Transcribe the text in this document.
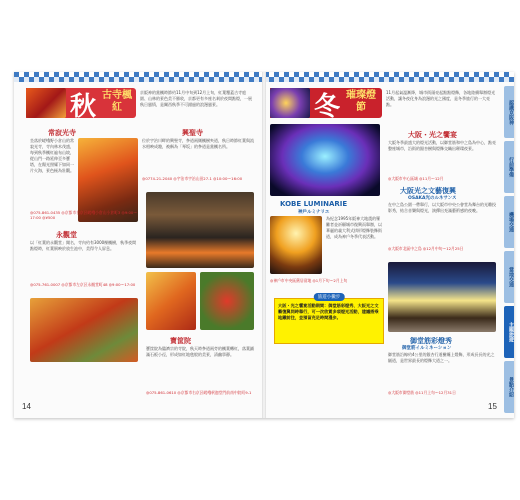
秋 古寺楓紅
京阪神的賞楓時節約11月中旬到12月上旬，紅葉覆蓋古寺庭園、山林的景色美不勝收，京都更有多座名剎於夜間點燈，一展秋日風情，是關西秋季不可錯過的浪漫風景。
常寂光寺
坐落於嵯峨野小倉山的常寂光寺，寺內林木茂盛，每到秋季楓紅遍布山坡，從山門一路延伸至多寶塔，在陽光照耀下如同一片火海，景色極為壯觀。
◎075-861-0435 ◎京都市右京区嵯峨小倉山小倉町3 ◎9:00～17:00 ◎¥500
興聖寺
位於宇治川畔的興聖寺，參道兩側楓樹夾道，秋日時節紅葉與流水相映成趣，被稱為「琴坂」的參道是賞楓名所。
◎0774-21-2040 ◎宇治市宇治山田27-1 ◎10:00～16:00
永觀堂
以「紅葉的永觀堂」聞名，寺內約有3000棵楓樹，秋季夜間點燈時，紅葉倒映於放生池中，美得令人屏息。
◎075-761-0007 ◎京都市左京区永観堂町48 ◎9:00～17:00
寶筐院
寶筐院為臨濟宗的寺院，秋天時參道兩旁的楓葉轉紅，落葉鋪滿石板小徑，形成如紅地毯般的美景，清幽寧靜。
◎075-861-0610 ◎京都市右京区嵯峨釈迦堂門前南中院町9-1
14
冬 璀璨燈節
11月起氣溫漸降，城市街頭亮起點點燈飾，各地陸續舉辦燈光活動，讓冬夜化身為浪漫的光之國度，是冬季旅行的一大亮點。
KOBE LUMINARIE
神戶ルミナリエ
為紀念1995年阪神大地震的罹難者並祈願城市復興而舉辦，以華麗的義大利式拱形燈飾裝飾街道，成為神戶冬季代表活動。
◎神戶市中央區舊居留地 ◎1月下旬～2月上旬
旅遊小撇步
大阪・光之饗宴活動期間：御堂筋彩燈秀、大阪光之文藝復興同時舉行，可一次欣賞多項燈光活動，建議搭乘地鐵前往，並預留充足時間漫步。
大阪・光之饗宴
大阪冬季最盛大的燈光活動，以御堂筋和中之島為中心，點亮整座城市，沿街的銀杏樹與燈飾交織出璀璨夜景。
◎大阪市中心區域 ◎11月～12月
大阪光之文藝復興
OSAKA光のルネサンス
在中之島公園一帶舉行，以大阪市中央公會堂為舞台的光雕投影秀，結合音樂與燈光，演繹出充滿藝術感的夜晚。
◎大阪市北區中之島 ◎12月中旬～12月25日
御堂筋彩燈秀
御堂筋イルミネーション
御堂筋沿線約4公里的銀杏行道樹纏上燈飾，形成長長的光之隧道，是世界最長的燈飾大道之一。
◎大阪市御堂筋 ◎11月上旬～12月31日
15
認識京阪神
行前準備
機場交通
當地交通
主題旅遊
景點介紹
